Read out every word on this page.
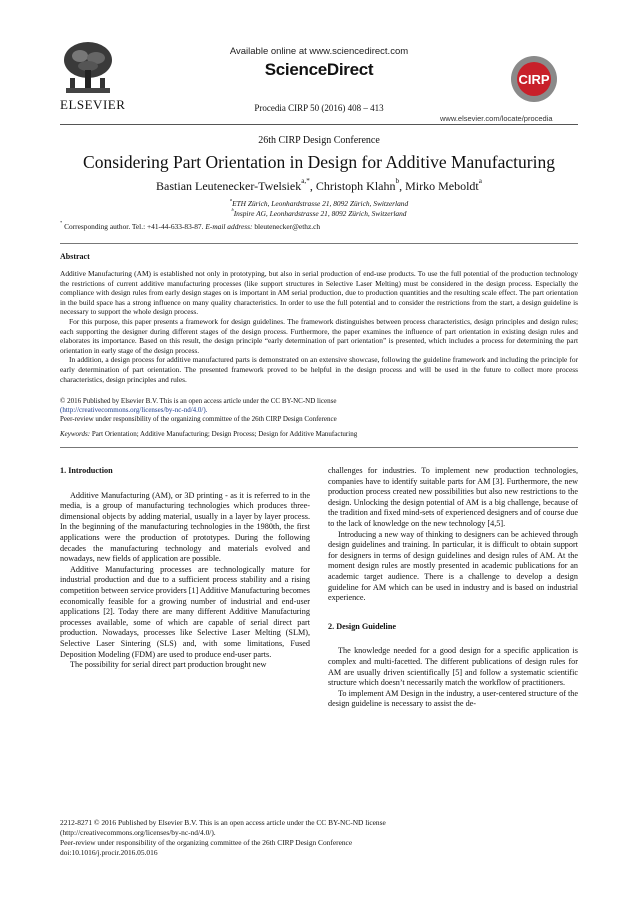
ELSEVIER
Available online at www.sciencedirect.com
ScienceDirect
Procedia CIRP 50 (2016) 408 – 413
CIRP
www.elsevier.com/locate/procedia
26th CIRP Design Conference
Considering Part Orientation in Design for Additive Manufacturing
Bastian Leutenecker-Twelsiek$^{a,*}$, Christoph Klahn$^b$, Mirko Meboldt$^a$
$^a$ETH Zürich, Leonhardstrasse 21, 8092 Zürich, Switzerland
$^b$Inspire AG, Leonhardstrasse 21, 8092 Zürich, Switzerland
* Corresponding author. Tel.: +41-44-633-83-87. E-mail address: bleutenecker@ethz.ch
Abstract

Additive Manufacturing (AM) is established not only in prototyping, but also in serial production of end-use products. To use the full potential of the production technology the restrictions of current additive manufacturing processes (like support structures in Selective Laser Melting) must be considered in the design process. Especially the compliance with design rules from early design stages on is important in AM serial production, due to production quantities and the resulting scale effect. The part orientation in the build space has a strong influence on many quality characteristics. In order to use the full potential and to consider the restrictions from the start, a design guideline is necessary to support the whole design process.

For this purpose, this paper presents a framework for design guidelines. The framework distinguishes between process characteristics, design principles and design rules; each supporting the designer during different stages of the design process. Furthermore, the paper examines the influence of part orientation in existing design rules and elaborates its importance. Based on this result, the design principle “early determination of part orientation” is presented, which includes a process for determining the part orientation in early stage of the design process.

In addition, a design process for additive manufactured parts is demonstrated on an extensive showcase, following the guideline framework and including the principle for early determination of part orientation. The presented framework proved to be helpful in the design process and will be used in the future to collect more process characteristics, design principles and rules.

© 2016 Published by Elsevier B.V. This is an open access article under the CC BY-NC-ND license
(http://creativecommons.org/licenses/by-nc-nd/4.0/).
Peer-review under responsibility of the organizing committee of the 26th CIRP Design Conference
Keywords: Part Orientation; Additive Manufacturing; Design Process; Design for Additive Manufacturing
1. Introduction

Additive Manufacturing (AM), or 3D printing - as it is referred to in the media, is a group of manufacturing technologies which produces three-dimensional objects by adding material, usually in a layer by layer process. In the beginning of the manufacturing technologies in the 1980th, the first applications were the production of prototypes. During the following decades the manufacturing technology and materials evolved and nowadays, new fields of application are possible.

Additive Manufacturing processes are technologically mature for industrial production and due to a sufficient process stability and a rising competition between service providers [1] Additive Manufacturing becomes economically feasible for a growing number of industrial and end-user applications [2]. Today there are many different Additive Manufacturing processes available, some of which are capable of serial direct part production. Nowadays, processes like Selective Laser Melting (SLM), Selective Laser Sintering (SLS) and, with some limitations, Fused Deposition Modeling (FDM) are used to produce end-user parts.

The possibility for serial direct part production brought new

challenges for industries. To implement new production technologies, companies have to identify suitable parts for AM [3]. Furthermore, the new production process created new possibilities but also new restrictions to the design. Unlocking the design potential of AM is a big challenge, because of the tradition and fixed mind-sets of experienced designers and of course due to the lack of knowledge on the new technology [4,5].

Introducing a new way of thinking to designers can be achieved through design guidelines and training. In particular, it is difficult to obtain support for designers in terms of design guidelines and design rules of AM. At the moment design rules are mostly presented in academic publications for an academic target audience. There is a challenge to develop a design guideline for AM which can be used in industry and is based on industrial experience.

2. Design Guideline

The knowledge needed for a good design for a specific application is complex and multi-facetted. The different publications of design rules for AM are usually driven scientifically [5] and follow a systematic scientific structure which doesn’t necessarily match the workflow of practitioners.

To implement AM Design in the industry, a user-centered structure of the design guideline is necessary to assist the de-

2212-8271 © 2016 Published by Elsevier B.V. This is an open access article under the CC BY-NC-ND license
(http://creativecommons.org/licenses/by-nc-nd/4.0/).
Peer-review under responsibility of the organizing committee of the 26th CIRP Design Conference
doi:10.1016/j.procir.2016.05.016
